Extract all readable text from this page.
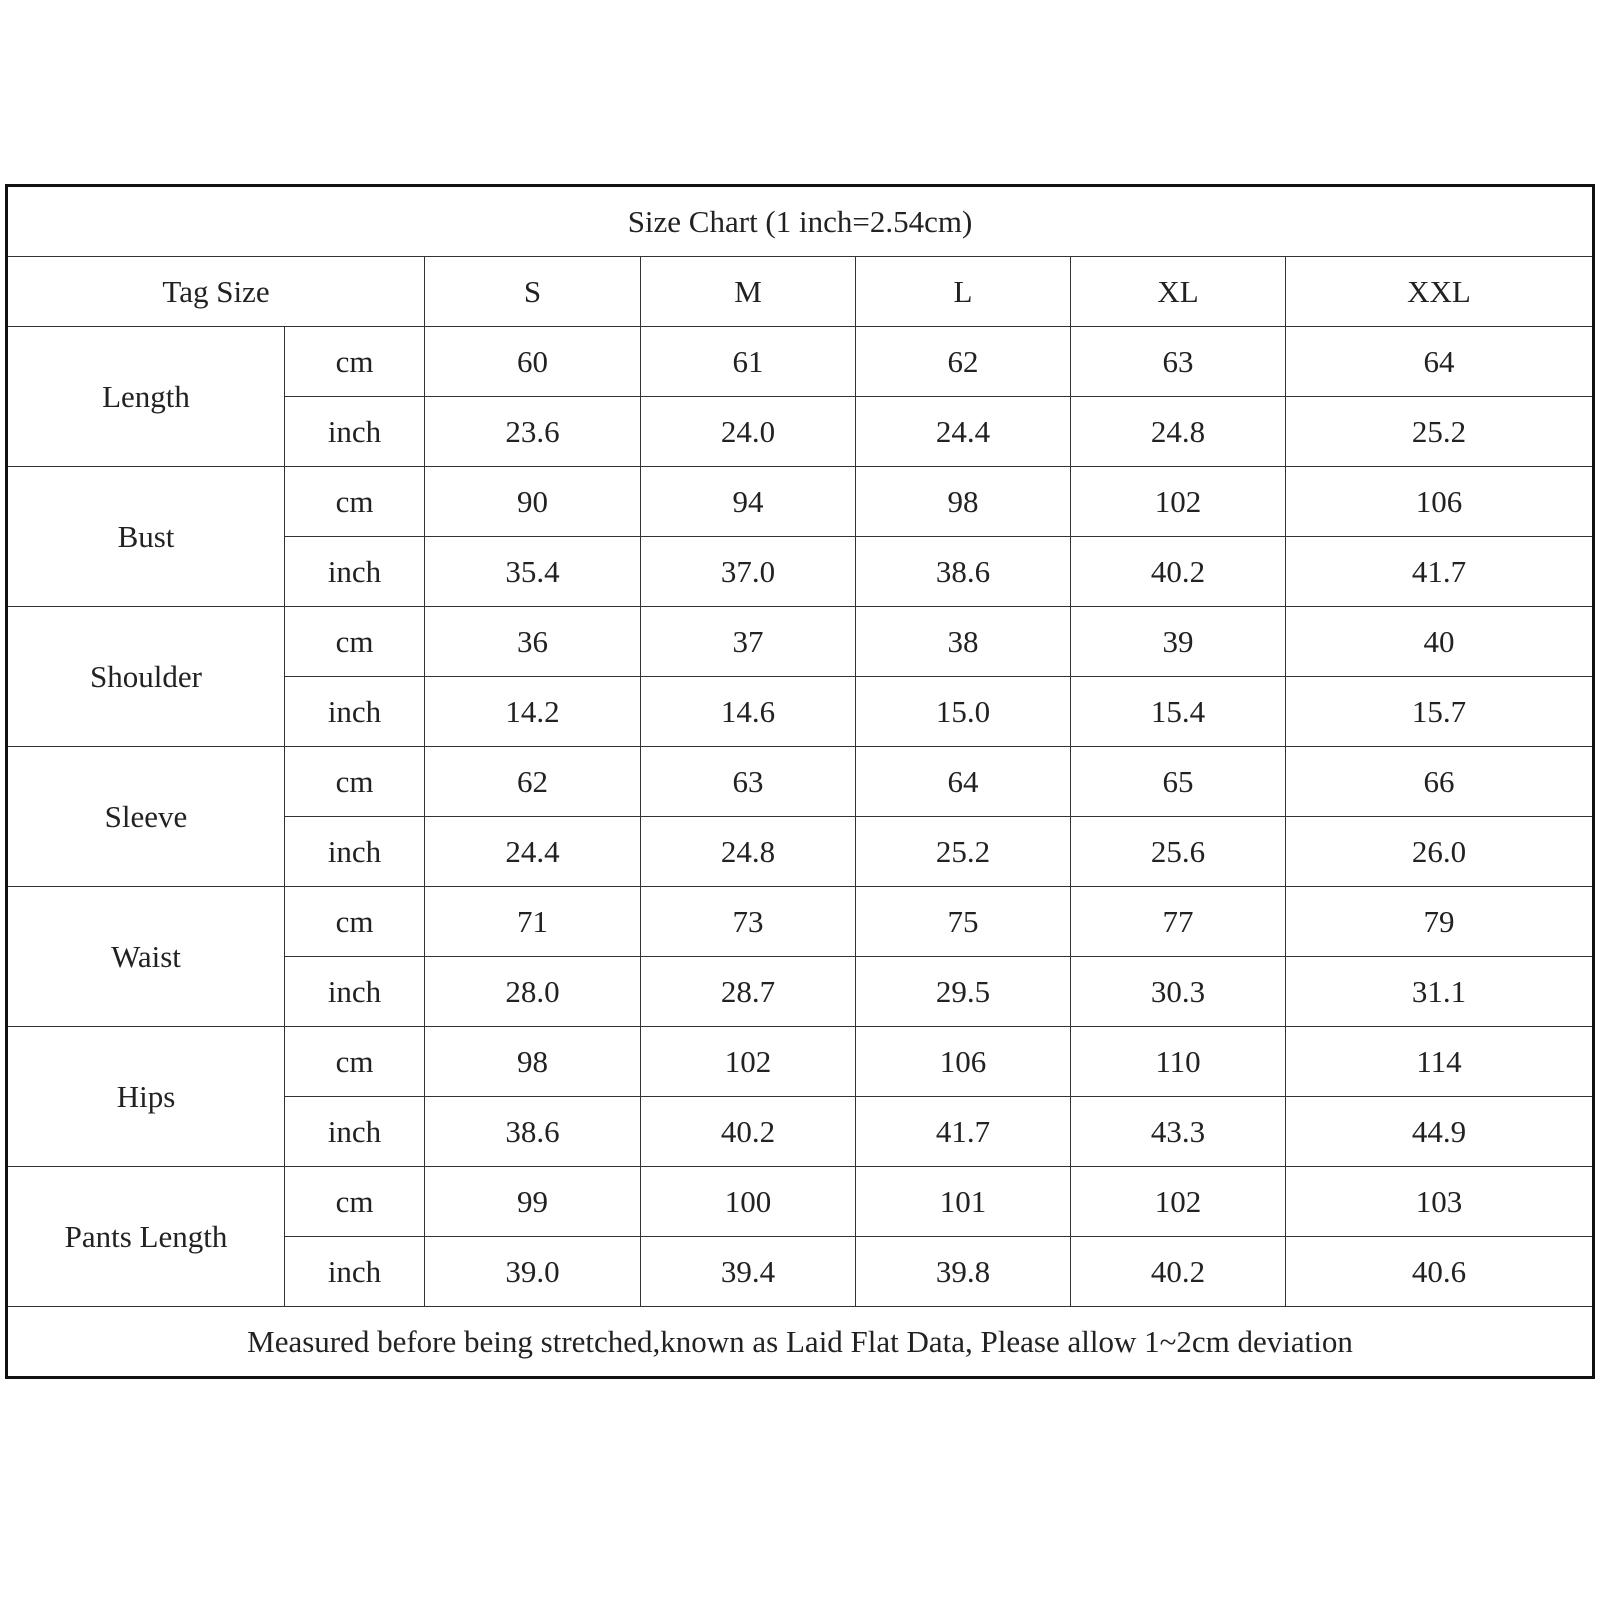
Size Chart (1 inch=2.54cm)						
Tag Size		S	M	L	XL	XXL
Length	cm	60	61	62	63	64
	inch	23.6	24.0	24.4	24.8	25.2
Bust	cm	90	94	98	102	106
	inch	35.4	37.0	38.6	40.2	41.7
Shoulder	cm	36	37	38	39	40
	inch	14.2	14.6	15.0	15.4	15.7
Sleeve	cm	62	63	64	65	66
	inch	24.4	24.8	25.2	25.6	26.0
Waist	cm	71	73	75	77	79
	inch	28.0	28.7	29.5	30.3	31.1
Hips	cm	98	102	106	110	114
	inch	38.6	40.2	41.7	43.3	44.9
Pants Length	cm	99	100	101	102	103
	inch	39.0	39.4	39.8	40.2	40.6
Measured before being stretched,known as Laid Flat Data, Please allow 1~2cm deviation						
